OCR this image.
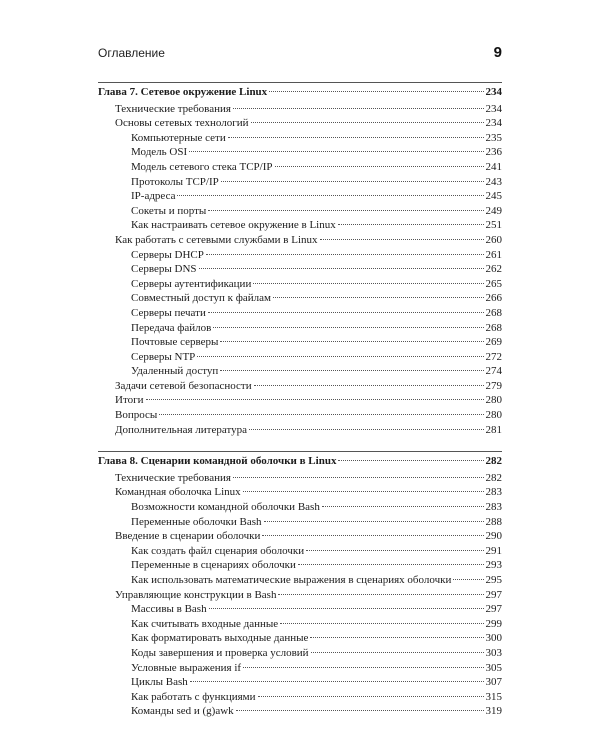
Оглавление	9
Глава 7. Сетевое окружение Linux	234
Технические требования	234
Основы сетевых технологий	234
Компьютерные сети	235
Модель OSI	236
Модель сетевого стека TCP/IP	241
Протоколы TCP/IP	243
IP-адреса	245
Сокеты и порты	249
Как настраивать сетевое окружение в Linux	251
Как работать с сетевыми службами в Linux	260
Серверы DHCP	261
Серверы DNS	262
Серверы аутентификации	265
Совместный доступ к файлам	266
Серверы печати	268
Передача файлов	268
Почтовые серверы	269
Серверы NTP	272
Удаленный доступ	274
Задачи сетевой безопасности	279
Итоги	280
Вопросы	280
Дополнительная литература	281
Глава 8. Сценарии командной оболочки в Linux	282
Технические требования	282
Командная оболочка Linux	283
Возможности командной оболочки Bash	283
Переменные оболочки Bash	288
Введение в сценарии оболочки	290
Как создать файл сценария оболочки	291
Переменные в сценариях оболочки	293
Как использовать математические выражения в сценариях оболочки	295
Управляющие конструкции в Bash	297
Массивы в Bash	297
Как считывать входные данные	299
Как форматировать выходные данные	300
Коды завершения и проверка условий	303
Условные выражения if	305
Циклы Bash	307
Как работать с функциями	315
Команды sed и (g)awk	319
